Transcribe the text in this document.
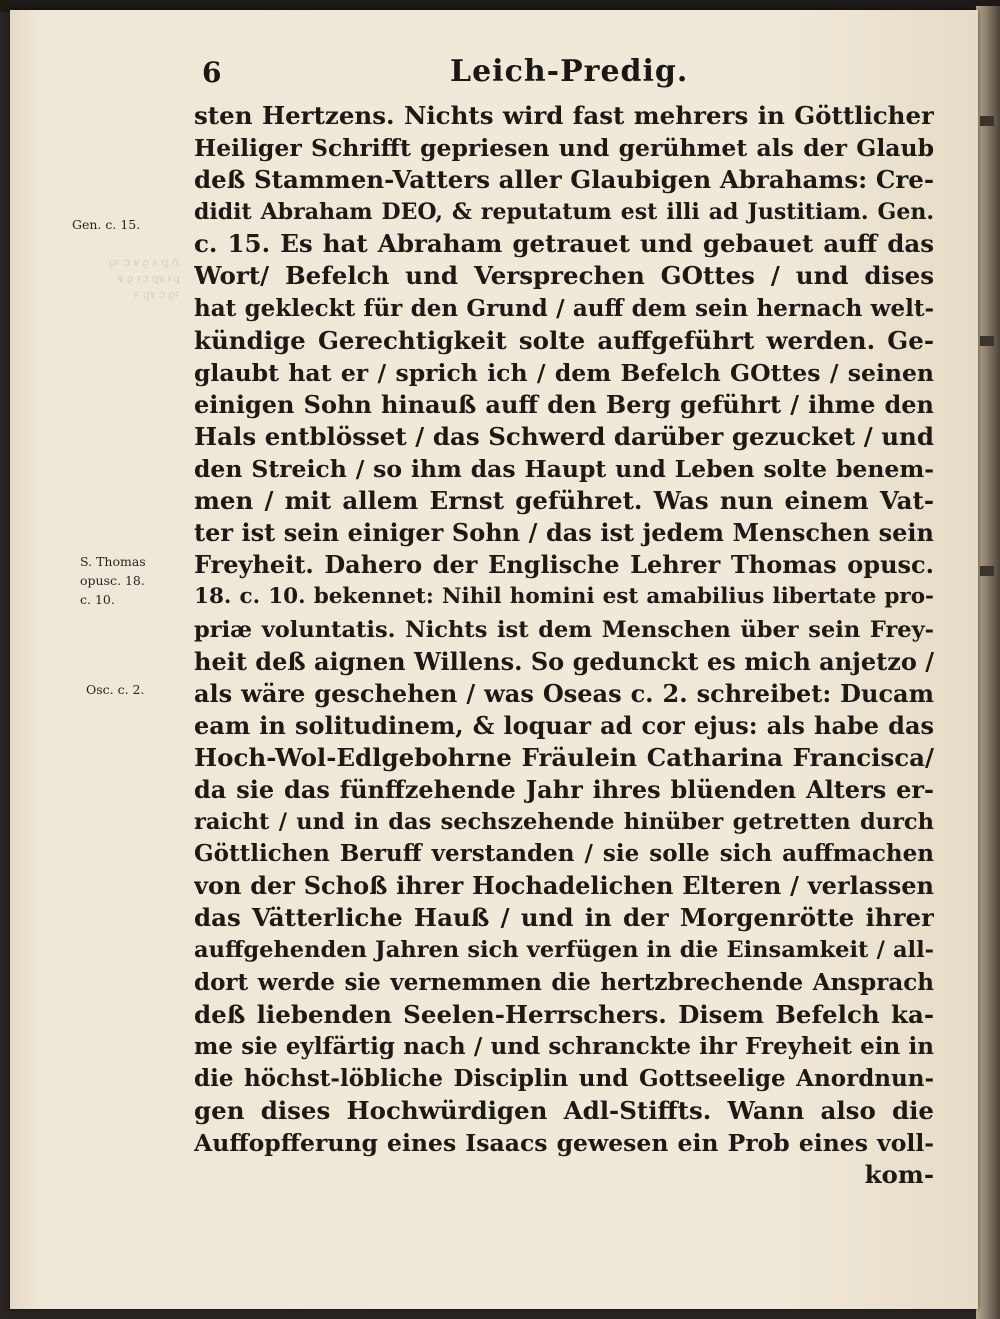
ℌ ꝑ ꝛ ꝯ ꝟ ꞇ ꝛꝯ
ꝑꝛ ꝟꝑ ꞇꝛ ꝯ ꝟ
ꝛꝯ ꞇ ꝟꝑ ꝛ
Gen. c. 15.
S. Thomas
opusc. 18.
c. 10.
Osc. c. 2.
6	Leich-Predig.
sten Hertzens. Nichts wird fast mehrers in Göttlicher
Heiliger Schrifft gepriesen und gerühmet als der Glaub
deß Stammen-Vatters aller Glaubigen Abrahams: Cre-
didit Abraham DEO, & reputatum est illi ad Justitiam. Gen.
c. 15. Es hat Abraham getrauet und gebauet auff das
Wort/ Befelch und Versprechen GOttes / und dises
hat gekleckt für den Grund / auff dem sein hernach welt-
kündige Gerechtigkeit solte auffgeführt werden. Ge-
glaubt hat er / sprich ich / dem Befelch GOttes / seinen
einigen Sohn hinauß auff den Berg geführt / ihme den
Hals entblösset / das Schwerd darüber gezucket / und
den Streich / so ihm das Haupt und Leben solte benem-
men / mit allem Ernst geführet. Was nun einem Vat-
ter ist sein einiger Sohn / das ist jedem Menschen sein
Freyheit. Dahero der Englische Lehrer Thomas opusc.
18. c. 10. bekennet: Nihil homini est amabilius libertate pro-
priæ voluntatis. Nichts ist dem Menschen über sein Frey-
heit deß aignen Willens. So gedunckt es mich anjetzo /
als wäre geschehen / was Oseas c. 2. schreibet: Ducam
eam in solitudinem, & loquar ad cor ejus: als habe das
Hoch-Wol-Edlgebohrne Fräulein Catharina Francisca/
da sie das fünffzehende Jahr ihres blüenden Alters er-
raicht / und in das sechszehende hinüber getretten durch
Göttlichen Beruff verstanden / sie solle sich auffmachen
von der Schoß ihrer Hochadelichen Elteren / verlassen
das Vätterliche Hauß / und in der Morgenrötte ihrer
auffgehenden Jahren sich verfügen in die Einsamkeit / all-
dort werde sie vernemmen die hertzbrechende Ansprach
deß liebenden Seelen-Herrschers. Disem Befelch ka-
me sie eylfärtig nach / und schranckte ihr Freyheit ein in
die höchst-löbliche Disciplin und Gottseelige Anordnun-
gen dises Hochwürdigen Adl-Stiffts. Wann also die
Auffopfferung eines Isaacs gewesen ein Prob eines voll-
kom-
